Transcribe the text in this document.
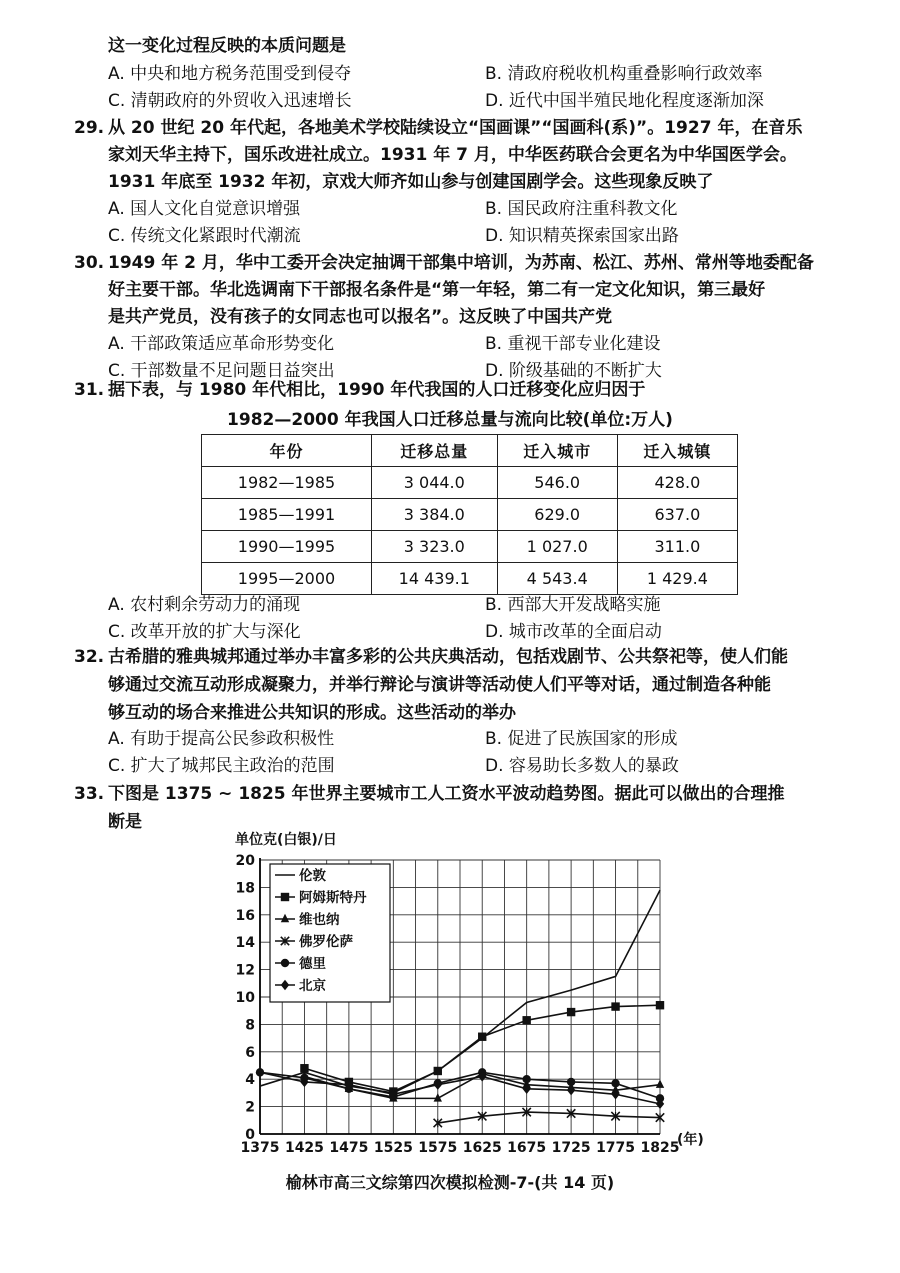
这一变化过程反映的本质问题是
A. 中央和地方税务范围受到侵夺	B. 清政府税收机构重叠影响行政效率
C. 清朝政府的外贸收入迅速增长	D. 近代中国半殖民地化程度逐渐加深
29. 从 20 世纪 20 年代起，各地美术学校陆续设立“国画课”“国画科(系)”。1927 年，在音乐
家刘天华主持下，国乐改进社成立。1931 年 7 月，中华医药联合会更名为中华国医学会。
1931 年底至 1932 年初，京戏大师齐如山参与创建国剧学会。这些现象反映了
A. 国人文化自觉意识增强	B. 国民政府注重科教文化
C. 传统文化紧跟时代潮流	D. 知识精英探索国家出路
30. 1949 年 2 月，华中工委开会决定抽调干部集中培训，为苏南、松江、苏州、常州等地委配备
好主要干部。华北选调南下干部报名条件是“第一年轻，第二有一定文化知识，第三最好
是共产党员，没有孩子的女同志也可以报名”。这反映了中国共产党
A. 干部政策适应革命形势变化	B. 重视干部专业化建设
C. 干部数量不足问题日益突出	D. 阶级基础的不断扩大
31. 据下表，与 1980 年代相比，1990 年代我国的人口迁移变化应归因于
1982—2000 年我国人口迁移总量与流向比较(单位:万人)
年份	迁移总量	迁入城市	迁入城镇
1982—1985	3 044.0	546.0	428.0
1985—1991	3 384.0	629.0	637.0
1990—1995	3 323.0	1 027.0	311.0
1995—2000	14 439.1	4 543.4	1 429.4
A. 农村剩余劳动力的涌现	B. 西部大开发战略实施
C. 改革开放的扩大与深化	D. 城市改革的全面启动
32. 古希腊的雅典城邦通过举办丰富多彩的公共庆典活动，包括戏剧节、公共祭祀等，使人们能
够通过交流互动形成凝聚力，并举行辩论与演讲等活动使人们平等对话，通过制造各种能
够互动的场合来推进公共知识的形成。这些活动的举办
A. 有助于提高公民参政积极性	B. 促进了民族国家的形成
C. 扩大了城邦民主政治的范围	D. 容易助长多数人的暴政
33. 下图是 1375 ~ 1825 年世界主要城市工人工资水平波动趋势图。据此可以做出的合理推
断是
0
2
4
6
8
10
12
14
16
18
20
1375 1425 1475 1525 1575 1625 1675 1725 1775 1825
伦敦
阿姆斯特丹
维也纳
佛罗伦萨
德里
北京
单位克(白银)/日
(年)
榆林市高三文综第四次模拟检测-7-(共 14 页)
